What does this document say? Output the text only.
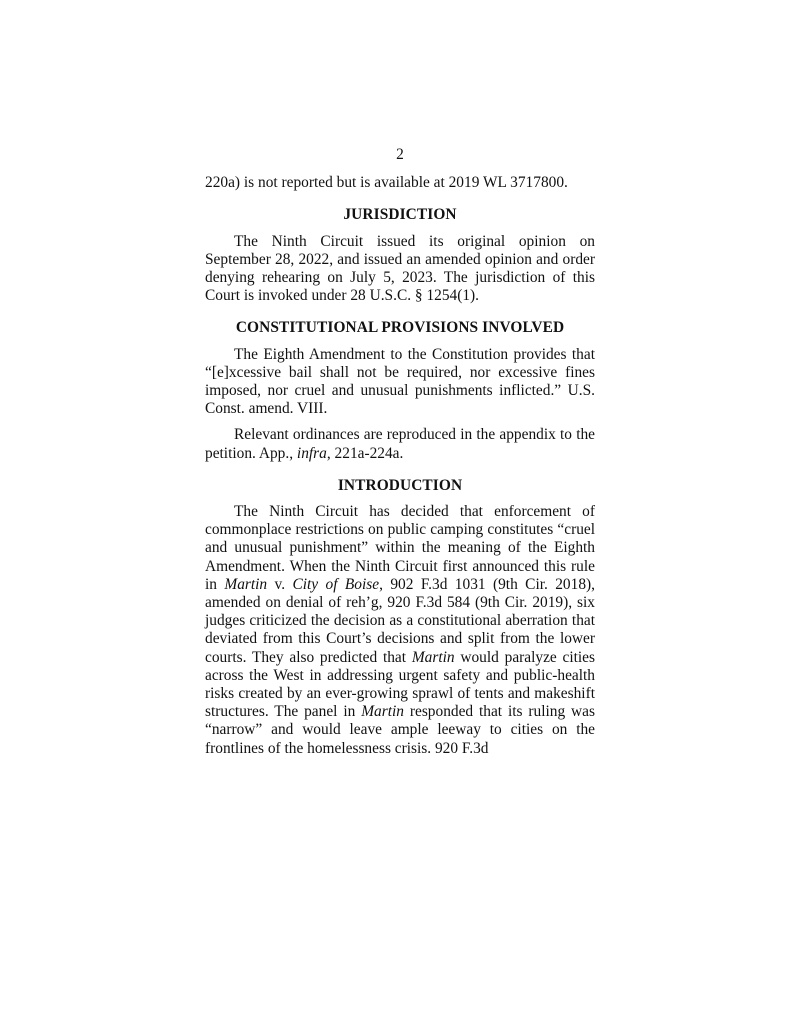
2

220a) is not reported but is available at 2019 WL 3717800.

JURISDICTION

The Ninth Circuit issued its original opinion on September 28, 2022, and issued an amended opinion and order denying rehearing on July 5, 2023. The jurisdiction of this Court is invoked under 28 U.S.C. § 1254(1).

CONSTITUTIONAL PROVISIONS INVOLVED

The Eighth Amendment to the Constitution provides that “[e]xcessive bail shall not be required, nor excessive fines imposed, nor cruel and unusual punishments inflicted.” U.S. Const. amend. VIII.

Relevant ordinances are reproduced in the appendix to the petition. App., infra, 221a-224a.

INTRODUCTION

The Ninth Circuit has decided that enforcement of commonplace restrictions on public camping constitutes “cruel and unusual punishment” within the meaning of the Eighth Amendment. When the Ninth Circuit first announced this rule in Martin v. City of Boise, 902 F.3d 1031 (9th Cir. 2018), amended on denial of reh’g, 920 F.3d 584 (9th Cir. 2019), six judges criticized the decision as a constitutional aberration that deviated from this Court’s decisions and split from the lower courts. They also predicted that Martin would paralyze cities across the West in addressing urgent safety and public-health risks created by an ever-growing sprawl of tents and makeshift structures. The panel in Martin responded that its ruling was “narrow” and would leave ample leeway to cities on the frontlines of the homelessness crisis. 920 F.3d
